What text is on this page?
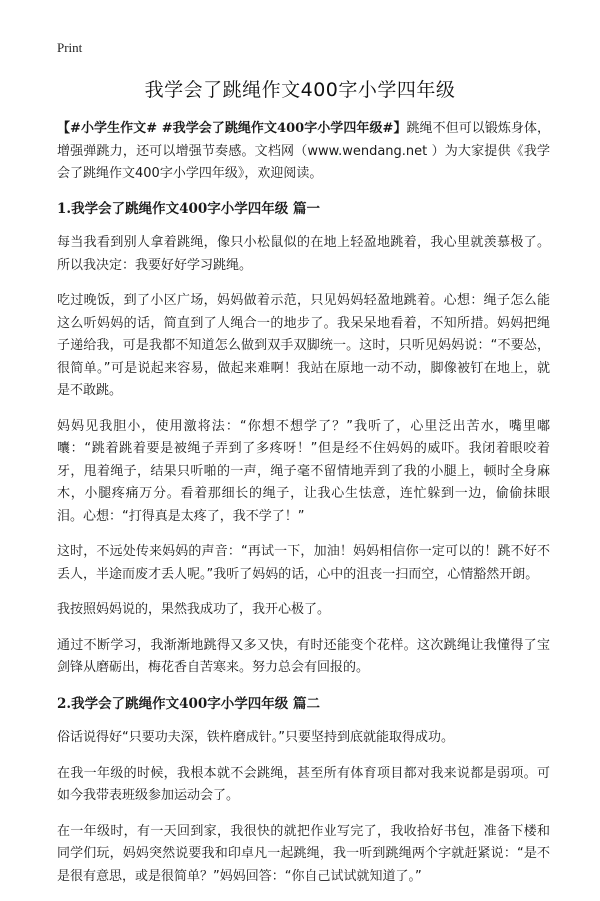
Print
我学会了跳绳作文400字小学四年级

【#小学生作文# #我学会了跳绳作文400字小学四年级#】跳绳不但可以锻炼身体，增强弹跳力，还可以增强节奏感。文档网（www.wendang.net ）为大家提供《我学会了跳绳作文400字小学四年级》，欢迎阅读。

1.我学会了跳绳作文400字小学四年级 篇一

每当我看到别人拿着跳绳，像只小松鼠似的在地上轻盈地跳着，我心里就羡慕极了。所以我决定：我要好好学习跳绳。

吃过晚饭，到了小区广场，妈妈做着示范，只见妈妈轻盈地跳着。心想：绳子怎么能这么听妈妈的话，简直到了人绳合一的地步了。我呆呆地看着，不知所措。妈妈把绳子递给我，可是我都不知道怎么做到双手双脚统一。这时，只听见妈妈说：“不要怂，很简单。”可是说起来容易，做起来难啊！我站在原地一动不动，脚像被钉在地上，就是不敢跳。

妈妈见我胆小，使用激将法：“你想不想学了？”我听了，心里泛出苦水，嘴里嘟囔：“跳着跳着要是被绳子弄到了多疼呀！”但是经不住妈妈的威吓。我闭着眼咬着牙，甩着绳子，结果只听啪的一声，绳子毫不留情地弄到了我的小腿上，顿时全身麻木，小腿疼痛万分。看着那细长的绳子，让我心生怯意，连忙躲到一边，偷偷抹眼泪。心想：“打得真是太疼了，我不学了！”

这时，不远处传来妈妈的声音：“再试一下，加油！妈妈相信你一定可以的！跳不好不丢人，半途而废才丢人呢。”我听了妈妈的话，心中的沮丧一扫而空，心情豁然开朗。

我按照妈妈说的，果然我成功了，我开心极了。

通过不断学习，我渐渐地跳得又多又快，有时还能变个花样。这次跳绳让我懂得了宝剑锋从磨砺出，梅花香自苦寒来。努力总会有回报的。

2.我学会了跳绳作文400字小学四年级 篇二

俗话说得好“只要功夫深，铁杵磨成针。”只要坚持到底就能取得成功。

在我一年级的时候，我根本就不会跳绳，甚至所有体育项目都对我来说都是弱项。可如今我带表班级参加运动会了。

在一年级时，有一天回到家，我很快的就把作业写完了，我收拾好书包，准备下楼和同学们玩，妈妈突然说要我和印卓凡一起跳绳，我一听到跳绳两个字就赶紧说：“是不是很有意思，或是很简单？”妈妈回答：“你自己试试就知道了。”
